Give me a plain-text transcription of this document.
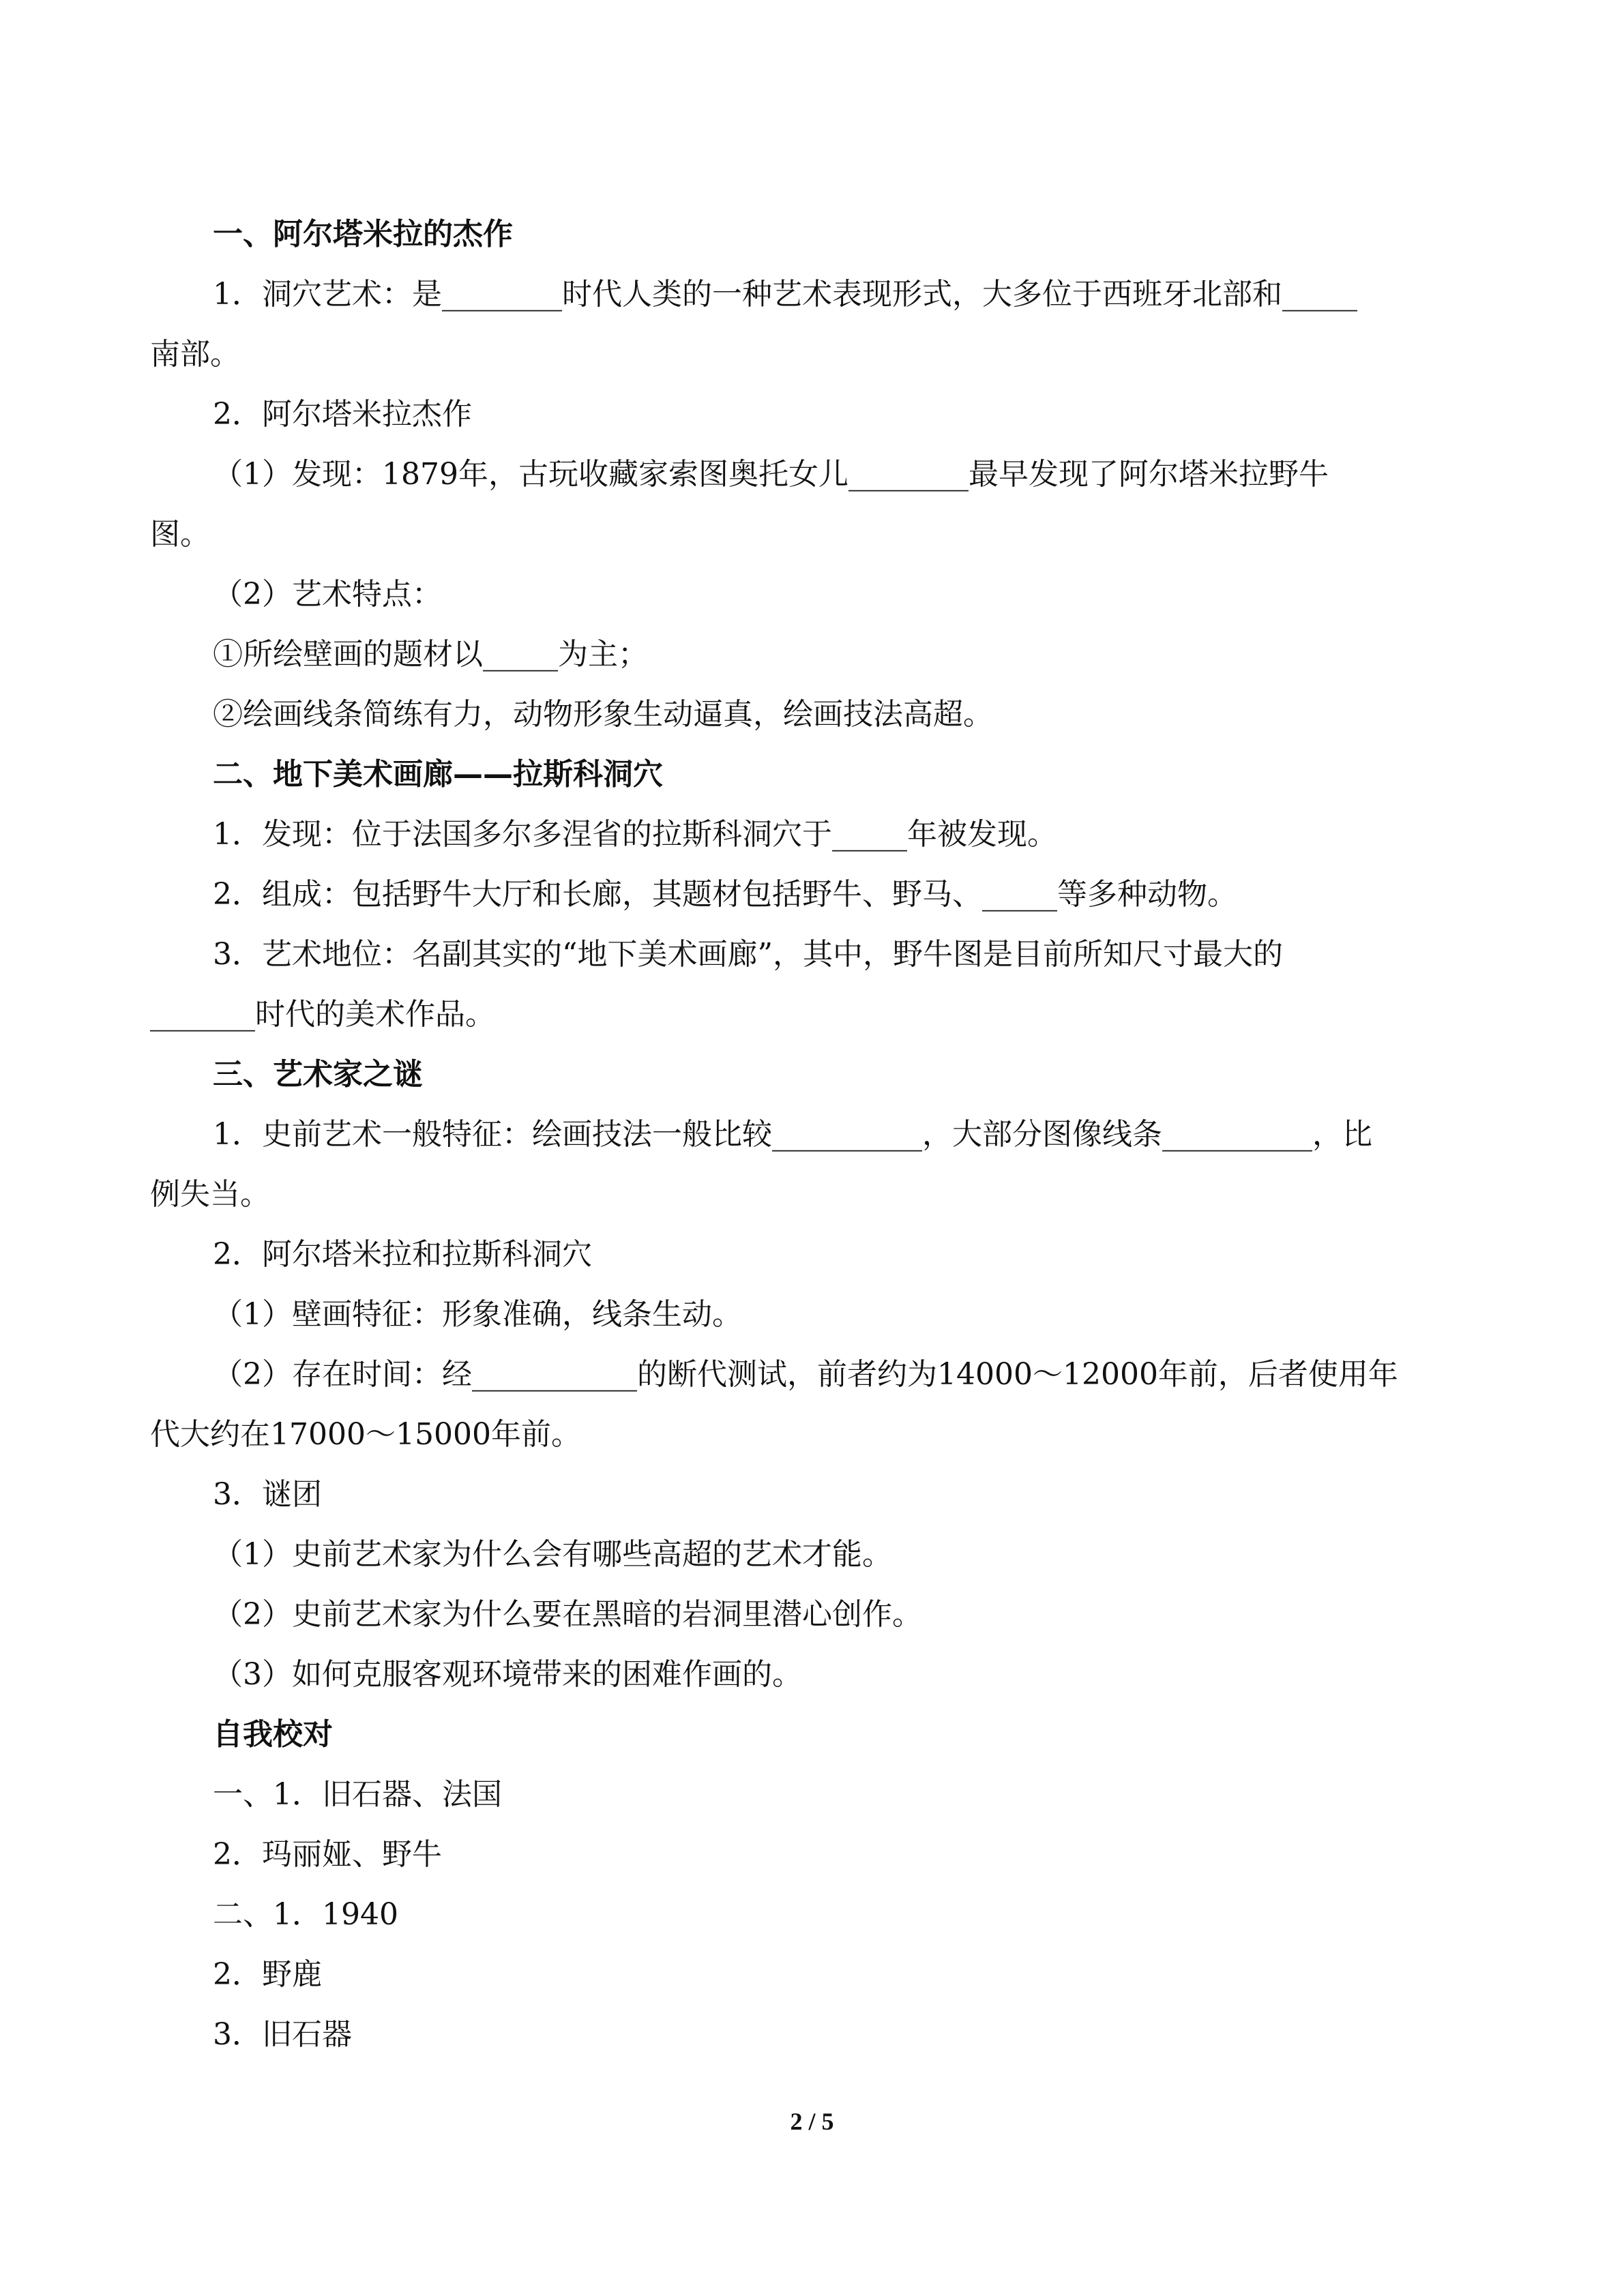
一、阿尔塔米拉的杰作
1．洞穴艺术：是________时代人类的一种艺术表现形式，大多位于西班牙北部和_____
南部。
2．阿尔塔米拉杰作
（1）发现：1879年，古玩收藏家索图奥托女儿________最早发现了阿尔塔米拉野牛
图。
（2）艺术特点：
①所绘壁画的题材以_____为主；
②绘画线条简练有力，动物形象生动逼真，绘画技法高超。
二、地下美术画廊——拉斯科洞穴
1．发现：位于法国多尔多涅省的拉斯科洞穴于_____年被发现。
2．组成：包括野牛大厅和长廊，其题材包括野牛、野马、_____等多种动物。
3．艺术地位：名副其实的“地下美术画廊”，其中，野牛图是目前所知尺寸最大的
_______时代的美术作品。
三、艺术家之谜
1．史前艺术一般特征：绘画技法一般比较__________，大部分图像线条__________，比
例失当。
2．阿尔塔米拉和拉斯科洞穴
（1）壁画特征：形象准确，线条生动。
（2）存在时间：经___________的断代测试，前者约为14000～12000年前，后者使用年
代大约在17000～15000年前。
3．谜团
（1）史前艺术家为什么会有哪些高超的艺术才能。
（2）史前艺术家为什么要在黑暗的岩洞里潜心创作。
（3）如何克服客观环境带来的困难作画的。
自我校对
一、1．旧石器、法国
2．玛丽娅、野牛
二、1．1940
2．野鹿
3．旧石器
2 / 5
